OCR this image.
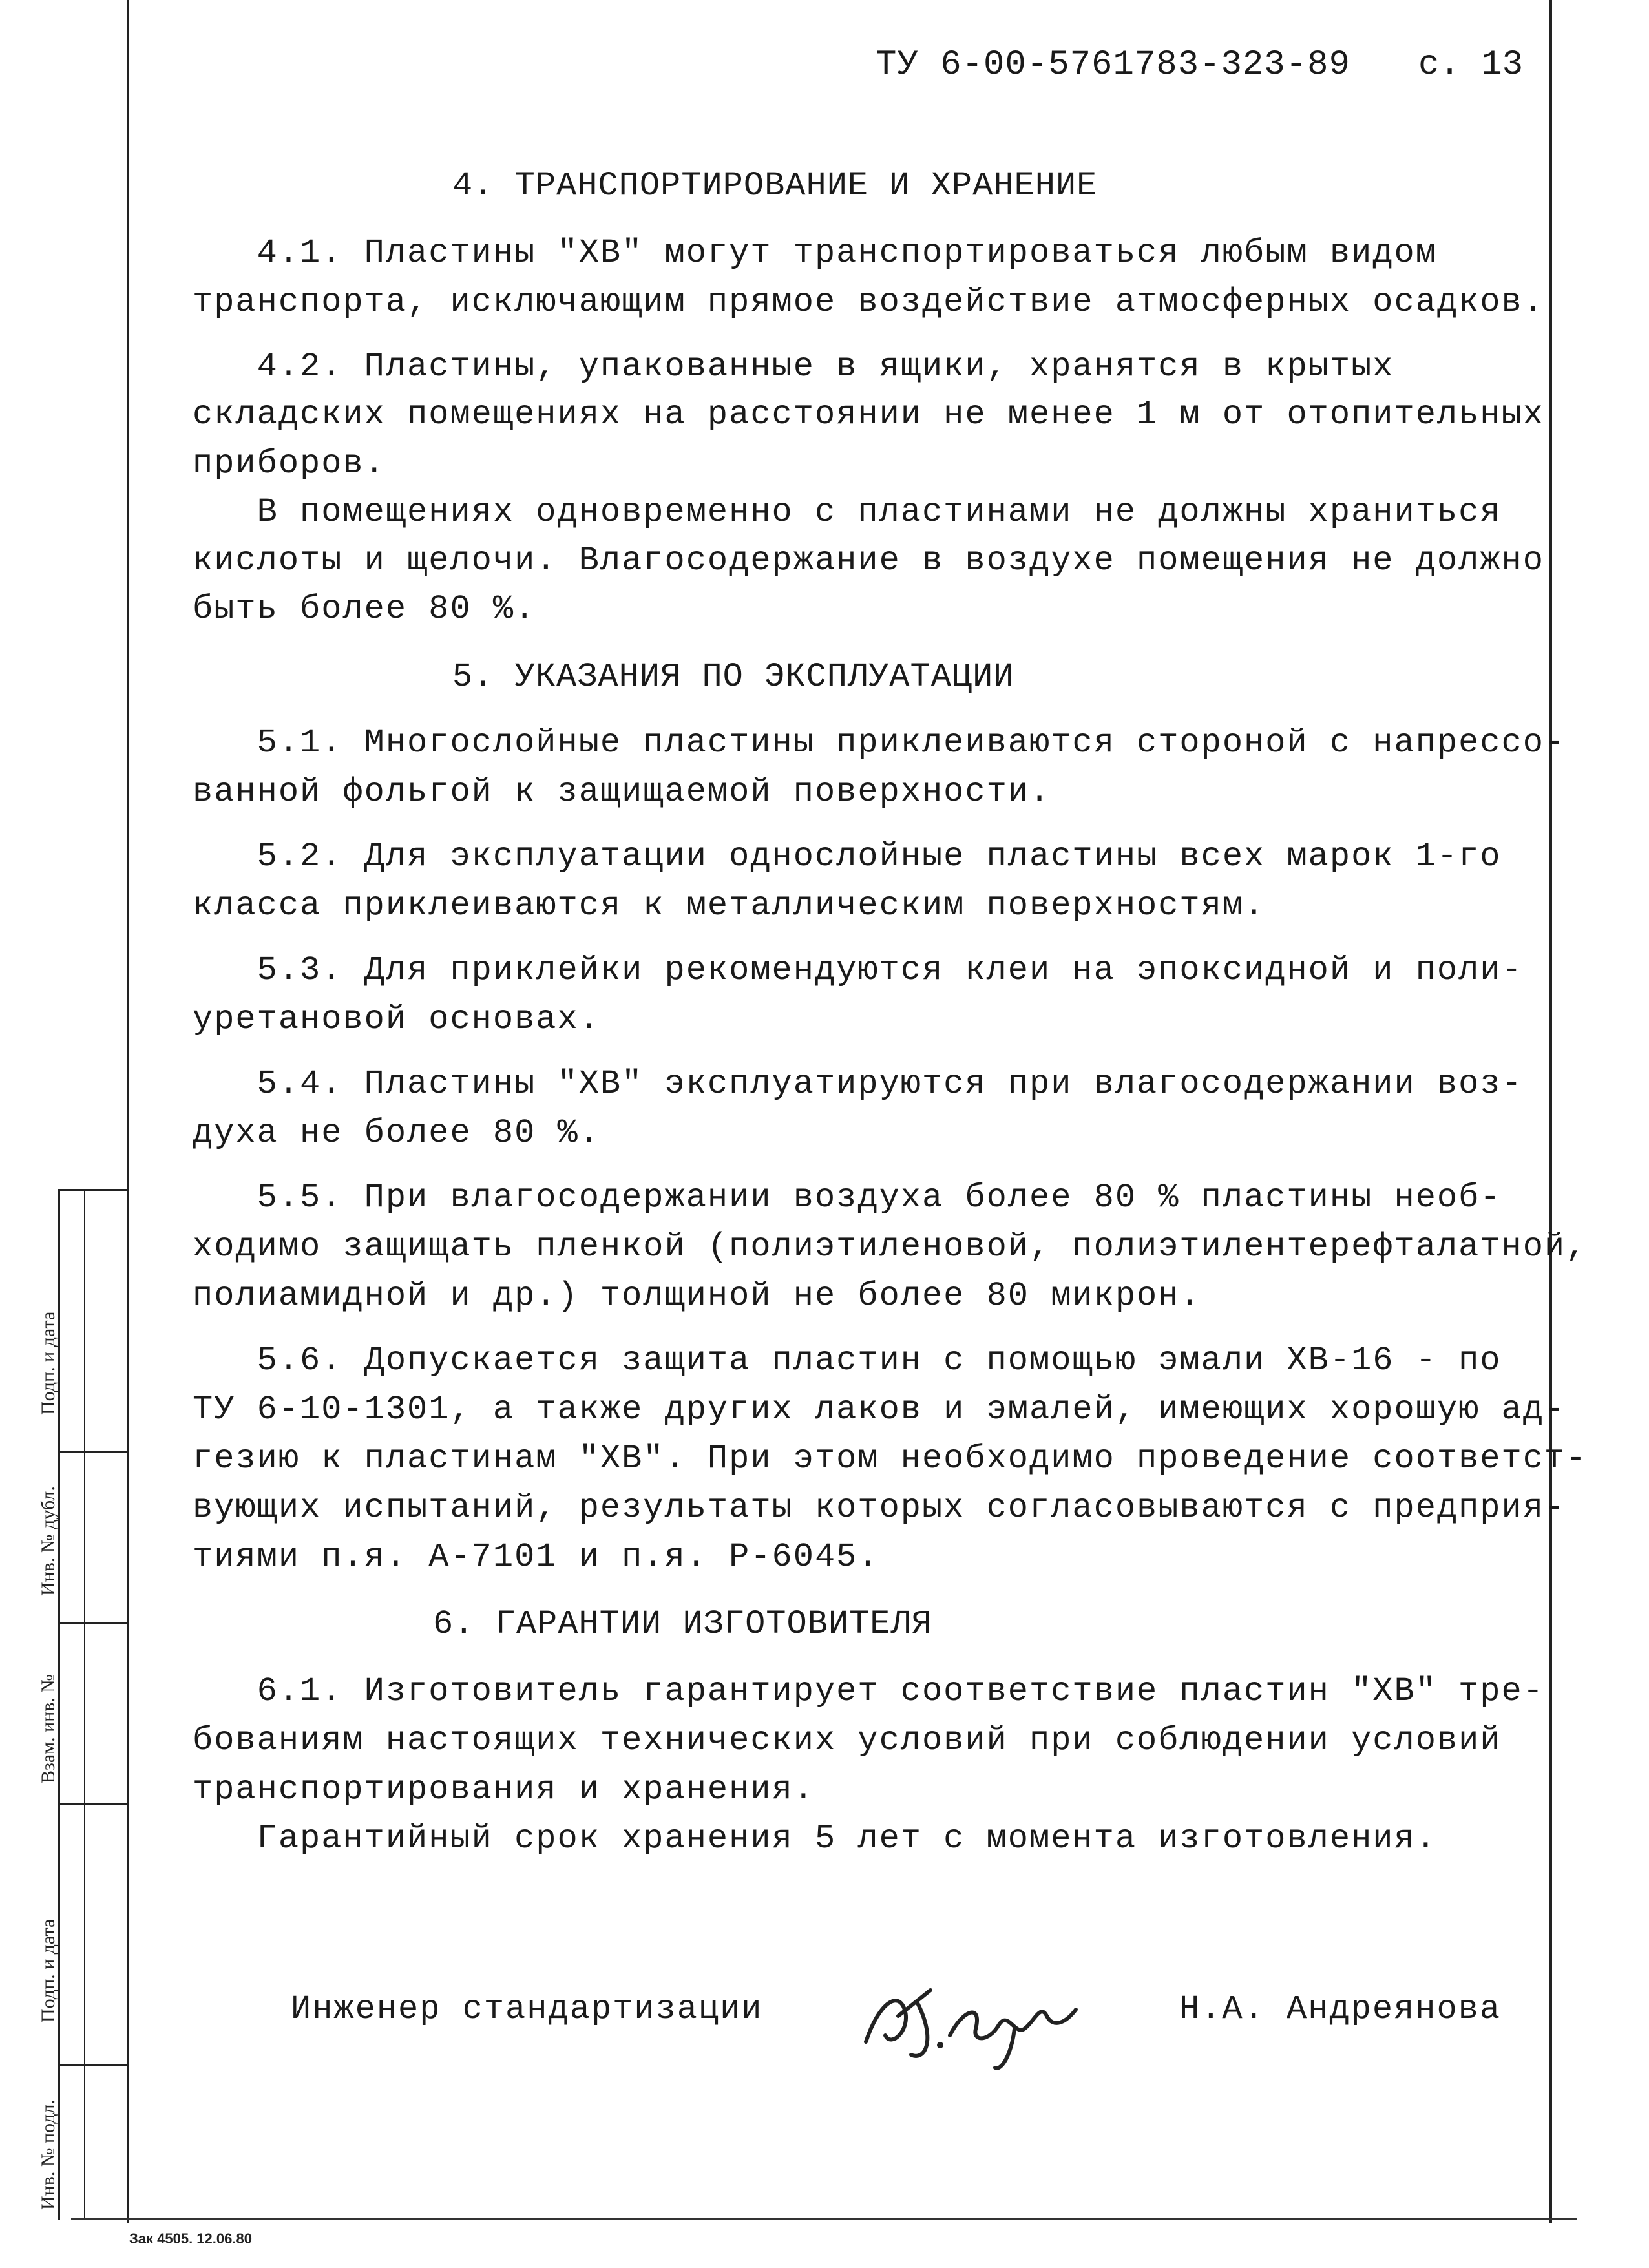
Подп. и дата
Инв. № дубл.
Взам. инв. №
Подп. и дата
Инв. № подл.
ТУ 6-00-5761783-323-89 с. 13
4. ТРАНСПОРТИРОВАНИЕ И ХРАНЕНИЕ
4.1. Пластины "ХВ" могут транспортироваться любым видом
транспорта, исключающим прямое воздействие атмосферных осадков.
4.2. Пластины, упакованные в ящики, хранятся в крытых
складских помещениях на расстоянии не менее 1 м от отопительных
приборов.
В помещениях одновременно с пластинами не должны храниться
кислоты и щелочи. Влагосодержание в воздухе помещения не должно
быть более 80 %.
5. УКАЗАНИЯ ПО ЭКСПЛУАТАЦИИ
5.1. Многослойные пластины приклеиваются стороной с напрессо-
ванной фольгой к защищаемой поверхности.
5.2. Для эксплуатации однослойные пластины всех марок 1-го
класса приклеиваются к металлическим поверхностям.
5.3. Для приклейки рекомендуются клеи на эпоксидной и поли-
уретановой основах.
5.4. Пластины "ХВ" эксплуатируются при влагосодержании воз-
духа не более 80 %.
5.5. При влагосодержании воздуха более 80 % пластины необ-
ходимо защищать пленкой (полиэтиленовой, полиэтилентерефталатной,
полиамидной и др.) толщиной не более 80 микрон.
5.6. Допускается защита пластин с помощью эмали ХВ-16 - по
ТУ 6-10-1301, а также других лаков и эмалей, имеющих хорошую ад-
гезию к пластинам "ХВ". При этом необходимо проведение соответст-
вующих испытаний, результаты которых согласовываются с предприя-
тиями п.я. А-7101 и п.я. Р-6045.
6. ГАРАНТИИ ИЗГОТОВИТЕЛЯ
6.1. Изготовитель гарантирует соответствие пластин "ХВ" тре-
бованиям настоящих технических условий при соблюдении условий
транспортирования и хранения.
Гарантийный срок хранения 5 лет с момента изготовления.
Инженер стандартизации	Н.А. Андреянова
Зак 4505. 12.06.80
